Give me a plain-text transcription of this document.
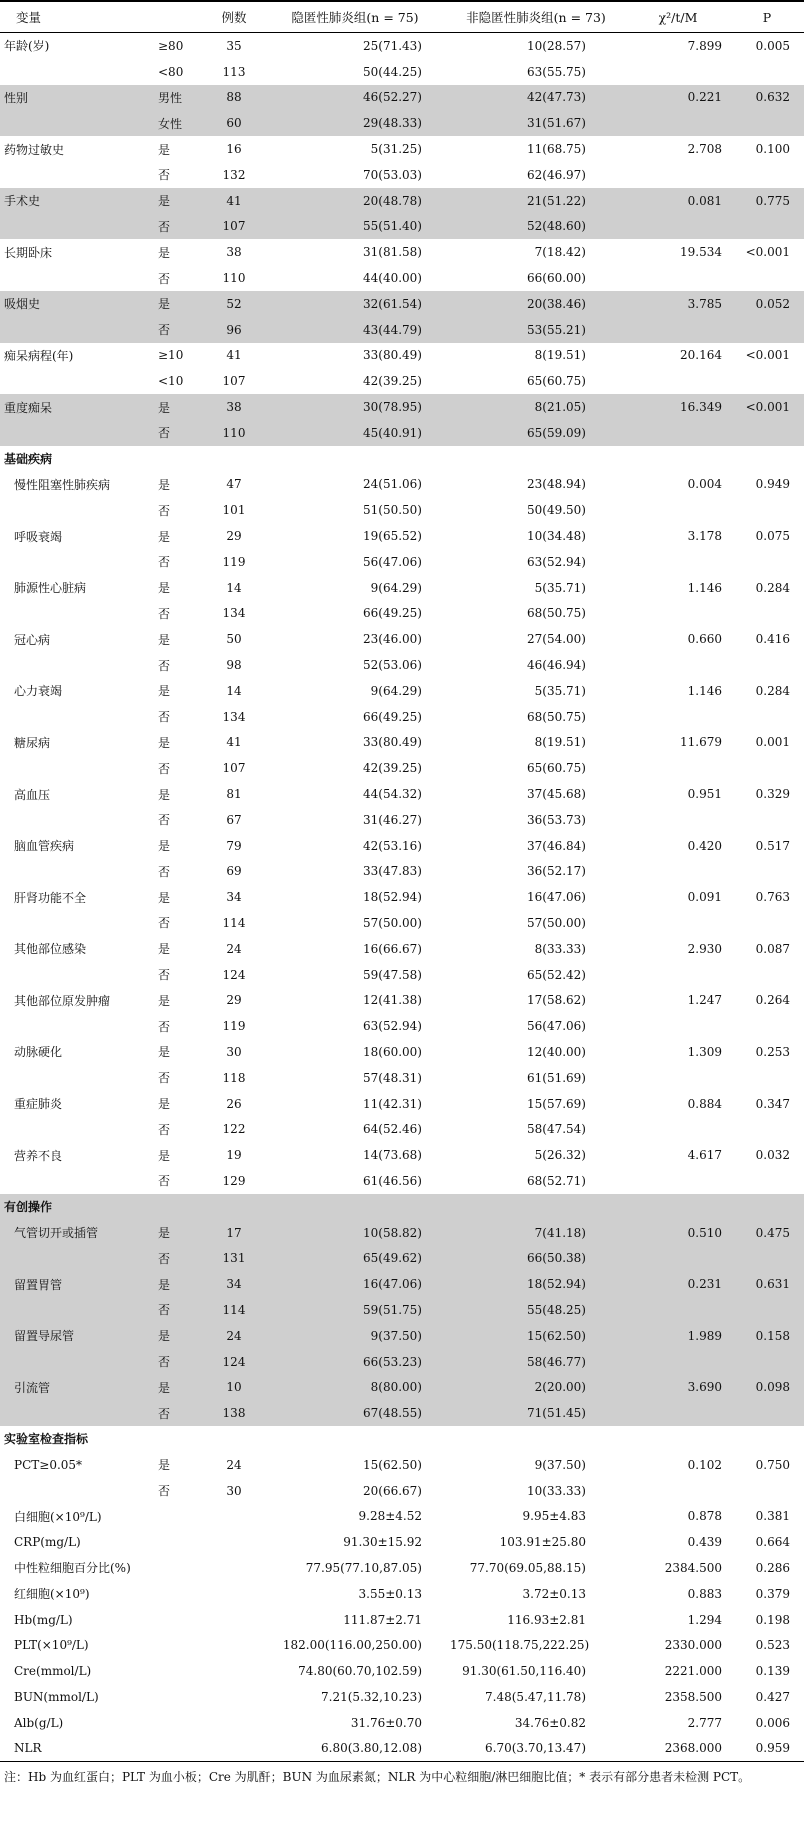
变量		例数	隐匿性肺炎组(n = 75)	非隐匿性肺炎组(n = 73)	χ²/t/M	P
年龄(岁)	≥80	35	25(71.43)	10(28.57)	7.899	0.005
	<80	113	50(44.25)	63(55.75)		
性别	男性	88	46(52.27)	42(47.73)	0.221	0.632
	女性	60	29(48.33)	31(51.67)		
药物过敏史	是	16	5(31.25)	11(68.75)	2.708	0.100
	否	132	70(53.03)	62(46.97)		
手术史	是	41	20(48.78)	21(51.22)	0.081	0.775
	否	107	55(51.40)	52(48.60)		
长期卧床	是	38	31(81.58)	7(18.42)	19.534	<0.001
	否	110	44(40.00)	66(60.00)		
吸烟史	是	52	32(61.54)	20(38.46)	3.785	0.052
	否	96	43(44.79)	53(55.21)		
痴呆病程(年)	≥10	41	33(80.49)	8(19.51)	20.164	<0.001
	<10	107	42(39.25)	65(60.75)		
重度痴呆	是	38	30(78.95)	8(21.05)	16.349	<0.001
	否	110	45(40.91)	65(59.09)		
基础疾病						
慢性阻塞性肺疾病	是	47	24(51.06)	23(48.94)	0.004	0.949
	否	101	51(50.50)	50(49.50)		
呼吸衰竭	是	29	19(65.52)	10(34.48)	3.178	0.075
	否	119	56(47.06)	63(52.94)		
肺源性心脏病	是	14	9(64.29)	5(35.71)	1.146	0.284
	否	134	66(49.25)	68(50.75)		
冠心病	是	50	23(46.00)	27(54.00)	0.660	0.416
	否	98	52(53.06)	46(46.94)		
心力衰竭	是	14	9(64.29)	5(35.71)	1.146	0.284
	否	134	66(49.25)	68(50.75)		
糖尿病	是	41	33(80.49)	8(19.51)	11.679	0.001
	否	107	42(39.25)	65(60.75)		
高血压	是	81	44(54.32)	37(45.68)	0.951	0.329
	否	67	31(46.27)	36(53.73)		
脑血管疾病	是	79	42(53.16)	37(46.84)	0.420	0.517
	否	69	33(47.83)	36(52.17)		
肝肾功能不全	是	34	18(52.94)	16(47.06)	0.091	0.763
	否	114	57(50.00)	57(50.00)		
其他部位感染	是	24	16(66.67)	8(33.33)	2.930	0.087
	否	124	59(47.58)	65(52.42)		
其他部位原发肿瘤	是	29	12(41.38)	17(58.62)	1.247	0.264
	否	119	63(52.94)	56(47.06)		
动脉硬化	是	30	18(60.00)	12(40.00)	1.309	0.253
	否	118	57(48.31)	61(51.69)		
重症肺炎	是	26	11(42.31)	15(57.69)	0.884	0.347
	否	122	64(52.46)	58(47.54)		
营养不良	是	19	14(73.68)	5(26.32)	4.617	0.032
	否	129	61(46.56)	68(52.71)		
有创操作						
气管切开或插管	是	17	10(58.82)	7(41.18)	0.510	0.475
	否	131	65(49.62)	66(50.38)		
留置胃管	是	34	16(47.06)	18(52.94)	0.231	0.631
	否	114	59(51.75)	55(48.25)		
留置导尿管	是	24	9(37.50)	15(62.50)	1.989	0.158
	否	124	66(53.23)	58(46.77)		
引流管	是	10	8(80.00)	2(20.00)	3.690	0.098
	否	138	67(48.55)	71(51.45)		
实验室检查指标						
PCT≥0.05*	是	24	15(62.50)	9(37.50)	0.102	0.750
	否	30	20(66.67)	10(33.33)		
白细胞(×10⁹/L)			9.28±4.52	9.95±4.83	0.878	0.381
CRP(mg/L)			91.30±15.92	103.91±25.80	0.439	0.664
中性粒细胞百分比(%)			77.95(77.10,87.05)	77.70(69.05,88.15)	2384.500	0.286
红细胞(×10⁹)			3.55±0.13	3.72±0.13	0.883	0.379
Hb(mg/L)			111.87±2.71	116.93±2.81	1.294	0.198
PLT(×10⁹/L)			182.00(116.00,250.00)	175.50(118.75,222.25)	2330.000	0.523
Cre(mmol/L)			74.80(60.70,102.59)	91.30(61.50,116.40)	2221.000	0.139
BUN(mmol/L)			7.21(5.32,10.23)	7.48(5.47,11.78)	2358.500	0.427
Alb(g/L)			31.76±0.70	34.76±0.82	2.777	0.006
NLR			6.80(3.80,12.08)	6.70(3.70,13.47)	2368.000	0.959
注：Hb 为血红蛋白；PLT 为血小板；Cre 为肌酐；BUN 为血尿素氮；NLR 为中心粒细胞/淋巴细胞比值；* 表示有部分患者未检测 PCT。
